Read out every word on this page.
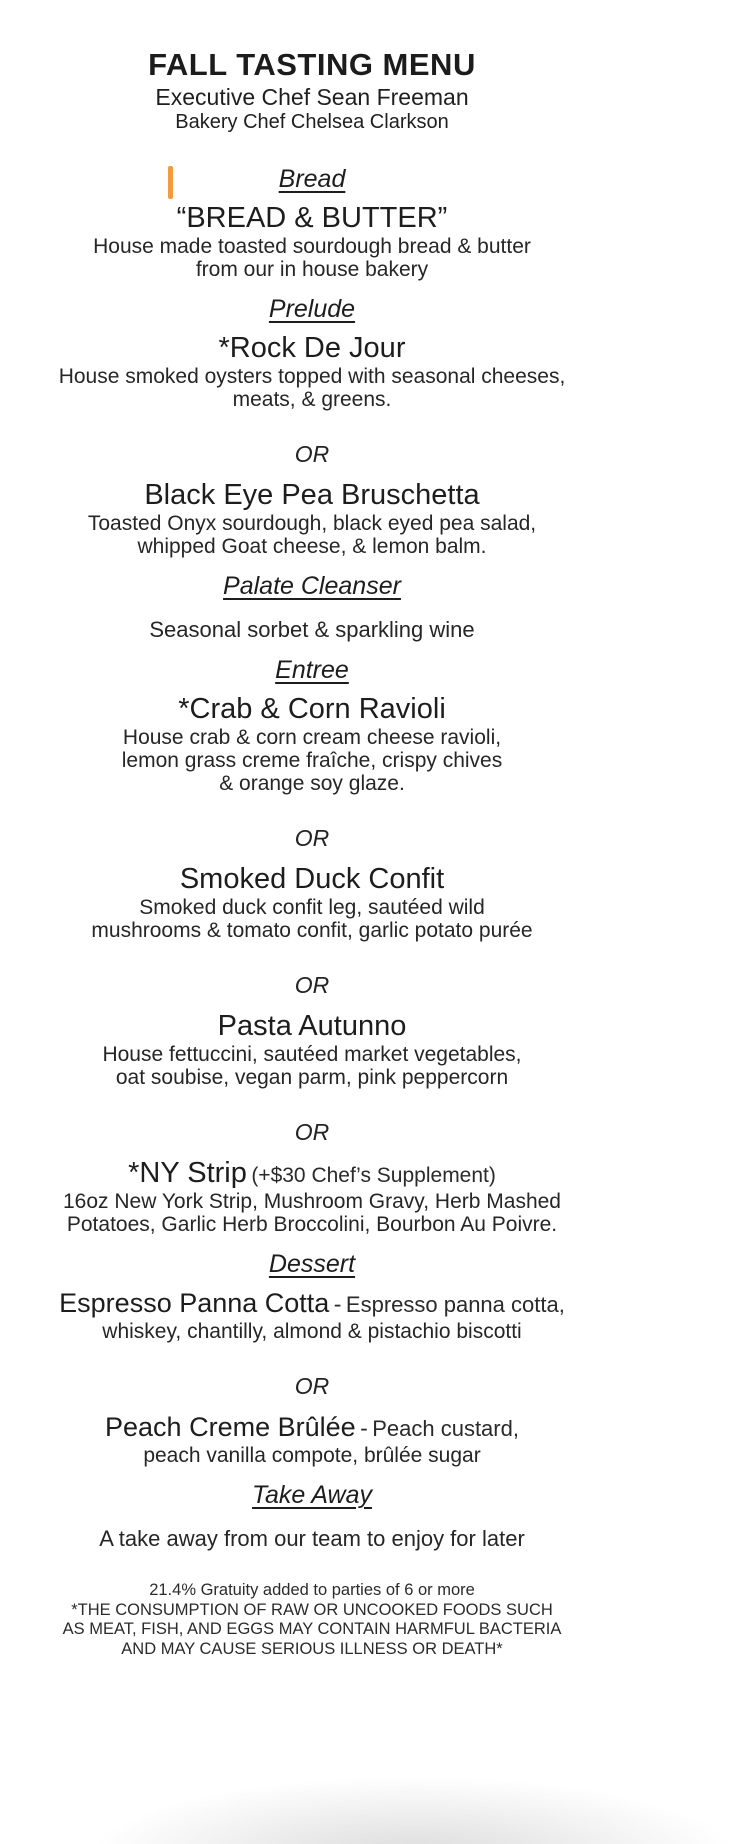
FALL TASTING MENU
Executive Chef Sean Freeman
Bakery Chef Chelsea Clarkson
Bread
“BREAD & BUTTER”
House made toasted sourdough bread & butter
from our in house bakery
Prelude
*Rock De Jour
House smoked oysters topped with seasonal cheeses,
meats, & greens.
OR
Black Eye Pea Bruschetta
Toasted Onyx sourdough, black eyed pea salad,
whipped Goat cheese, & lemon balm.
Palate Cleanser
Seasonal sorbet & sparkling wine
Entree
*Crab & Corn Ravioli
House crab & corn cream cheese ravioli,
lemon grass creme fraîche, crispy chives
& orange soy glaze.
OR
Smoked Duck Confit
Smoked duck confit leg, sautéed wild
mushrooms & tomato confit, garlic potato purée
OR
Pasta Autunno
House fettuccini, sautéed market vegetables,
oat soubise, vegan parm, pink peppercorn
OR
*NY Strip (+$30 Chef’s Supplement)
16oz New York Strip, Mushroom Gravy, Herb Mashed
Potatoes, Garlic Herb Broccolini, Bourbon Au Poivre.
Dessert
Espresso Panna Cotta - Espresso panna cotta,
whiskey, chantilly, almond & pistachio biscotti
OR
Peach Creme Brûlée - Peach custard,
peach vanilla compote, brûlée sugar
Take Away
A take away from our team to enjoy for later
21.4% Gratuity added to parties of 6 or more
*THE CONSUMPTION OF RAW OR UNCOOKED FOODS SUCH
AS MEAT, FISH, AND EGGS MAY CONTAIN HARMFUL BACTERIA
AND MAY CAUSE SERIOUS ILLNESS OR DEATH*
